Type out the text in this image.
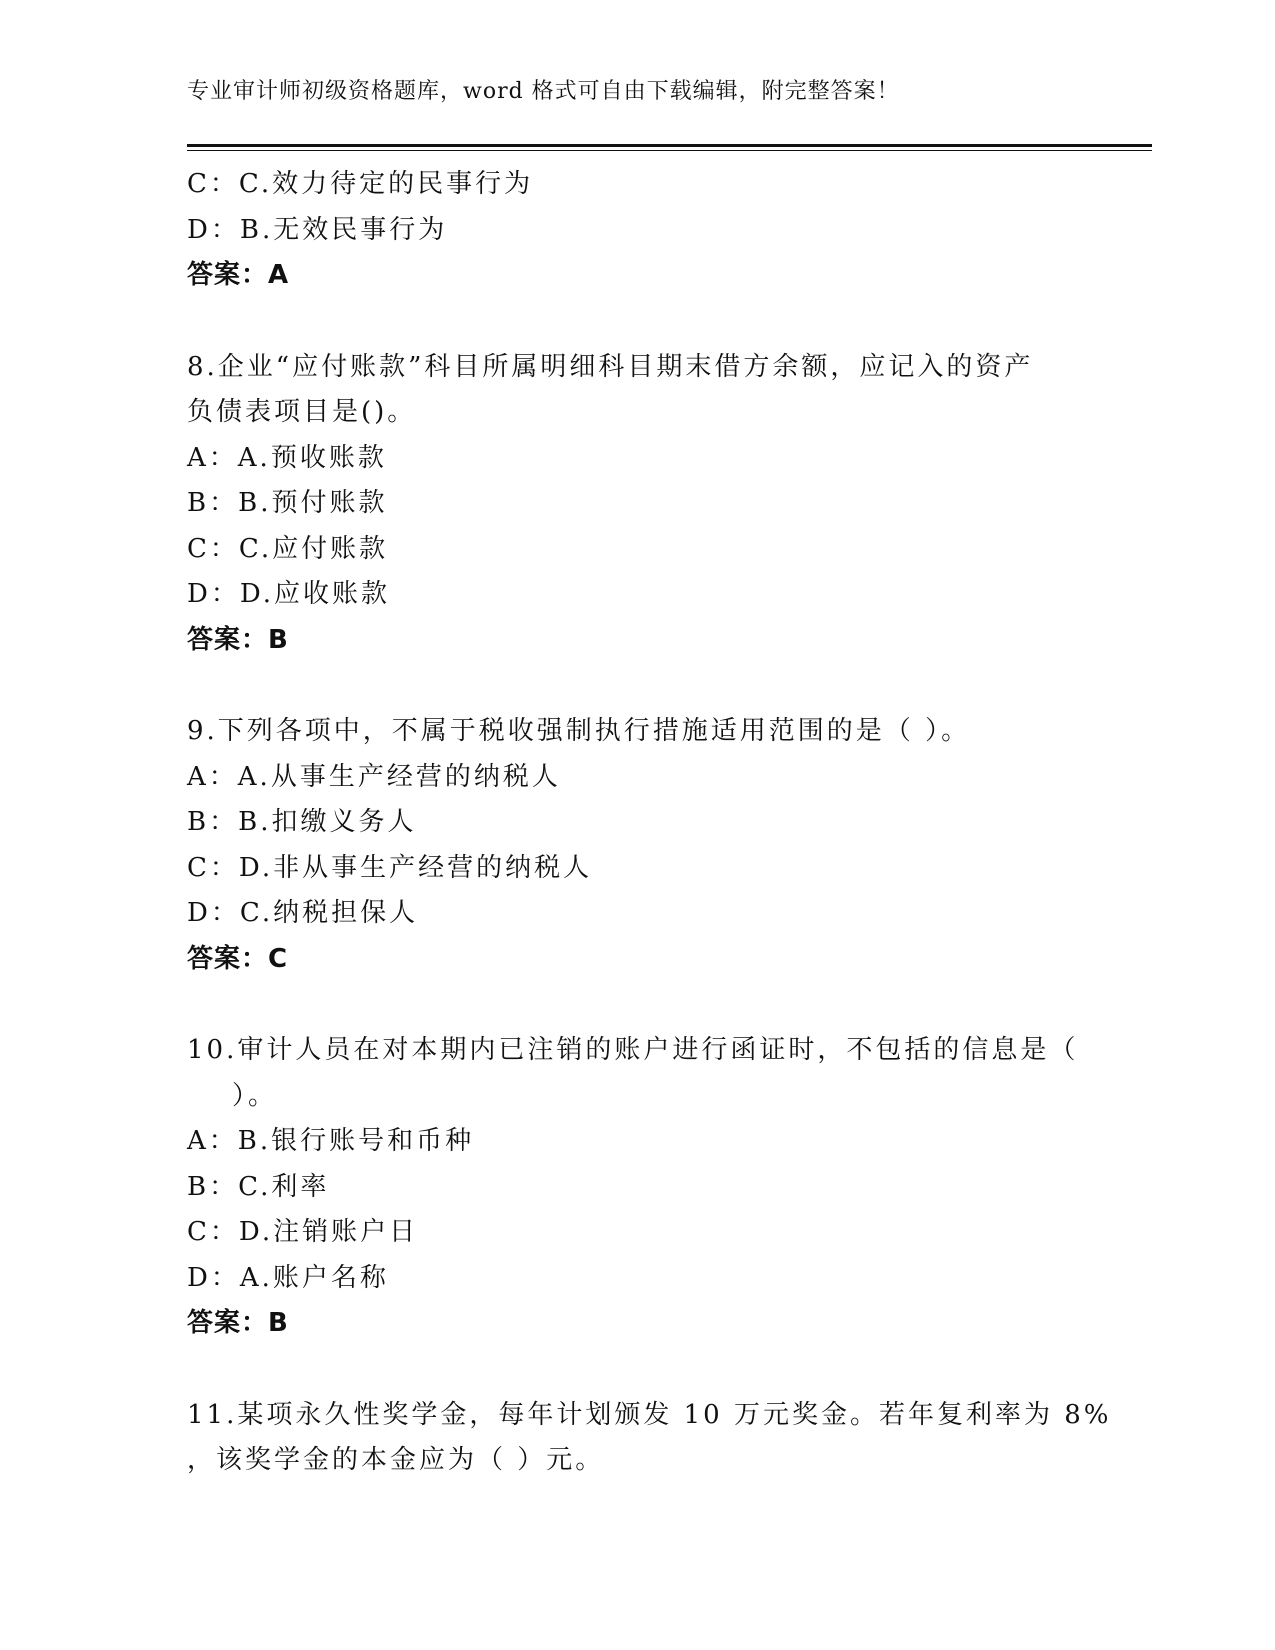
专业审计师初级资格题库，word 格式可自由下载编辑，附完整答案！
C：C.效力待定的民事行为
D：B.无效民事行为
答案：A
8.企业“应付账款”科目所属明细科目期末借方余额，应记入的资产
负债表项目是()。
A：A.预收账款
B：B.预付账款
C：C.应付账款
D：D.应收账款
答案：B
9.下列各项中，不属于税收强制执行措施适用范围的是（ ）。
A：A.从事生产经营的纳税人
B：B.扣缴义务人
C：D.非从事生产经营的纳税人
D：C.纳税担保人
答案：C
10.审计人员在对本期内已注销的账户进行函证时，不包括的信息是（
）。
A：B.银行账号和币种
B：C.利率
C：D.注销账户日
D：A.账户名称
答案：B
11.某项永久性奖学金，每年计划颁发 10 万元奖金。若年复利率为 8%
，该奖学金的本金应为（ ）元。
